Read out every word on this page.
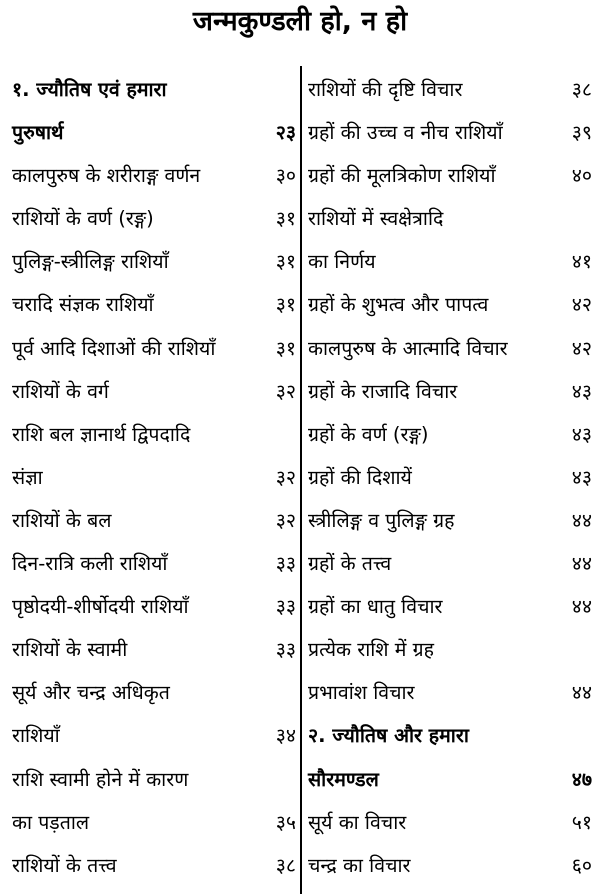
जन्मकुण्डली हो, न हो
१. ज्यौतिष एवं हमारा
पुरुषार्थ	२३
कालपुरुष के शरीराङ्ग वर्णन	३०
राशियों के वर्ण (रङ्ग)	३१
पुलिङ्ग-स्त्रीलिङ्ग राशियाँ	३१
चरादि संज्ञक राशियाँ	३१
पूर्व आदि दिशाओं की राशियाँ	३१
राशियों के वर्ग	३२
राशि बल ज्ञानार्थ द्विपदादि
संज्ञा	३२
राशियों के बल	३२
दिन-रात्रि कली राशियाँ	३३
पृष्ठोदयी-शीर्षोदयी राशियाँ	३३
राशियों के स्वामी	३३
सूर्य और चन्द्र अधिकृत
राशियाँ	३४
राशि स्वामी होने में कारण
का पड़ताल	३५
राशियों के तत्त्व	३८
राशियों की दृष्टि विचार	३८
ग्रहों की उच्च व नीच राशियाँ	३९
ग्रहों की मूलत्रिकोण राशियाँ	४०
राशियों में स्वक्षेत्रादि
का निर्णय	४१
ग्रहों के शुभत्व और पापत्व	४२
कालपुरुष के आत्मादि विचार	४२
ग्रहों के राजादि विचार	४३
ग्रहों के वर्ण (रङ्ग)	४३
ग्रहों की दिशायें	४३
स्त्रीलिङ्ग व पुलिङ्ग ग्रह	४४
ग्रहों के तत्त्व	४४
ग्रहों का धातु विचार	४४
प्रत्येक राशि में ग्रह
प्रभावांश विचार	४४
२. ज्यौतिष और हमारा
सौरमण्डल	४७
सूर्य का विचार	५१
चन्द्र का विचार	६०
